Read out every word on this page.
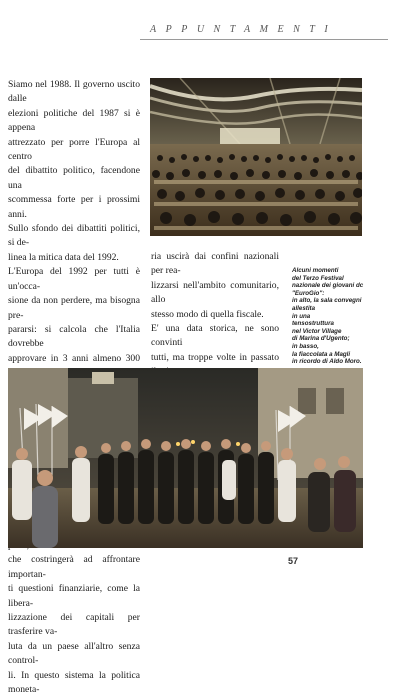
APPUNTAMENTI

Siamo nel 1988. Il governo uscito dalle

elezioni politiche del 1987 si è appena

attrezzato per porre l'Europa al centro

del dibattito politico, facendone una

scommessa forte per i prossimi anni.

Sullo sfondo dei dibattiti politici, si de-

linea la mitica data del 1992.

L'Europa del 1992 per tutti è un'occa-

sione da non perdere, ma bisogna pre-

pararsi: si calcola che l'Italia dovrebbe

approvare in 3 anni almeno 300

che costringerà ad affrontare importan-

ti questioni finanziarie, come la libera-

lizzazione dei capitali per trasferire va-

luta da un paese all'altro senza control-

li. In questo sistema la politica moneta-

ria uscirà dai confini nazionali per rea-

lizzarsi nell'ambito comunitario, allo

stesso modo di quella fiscale.

E' una data storica, ne sono convinti

tutti, ma troppe volte in passato

Alcuni momenti
del Terzo Festival
nazionale dei giovani dc
"EuroGio":
in alto, la sala convegni
allestita
in una
tensostruttura
nel Victor Village
di Marina d'Ugento;
in basso,
la fiaccolata a Magli
in ricordo di Aldo Moro.
57
